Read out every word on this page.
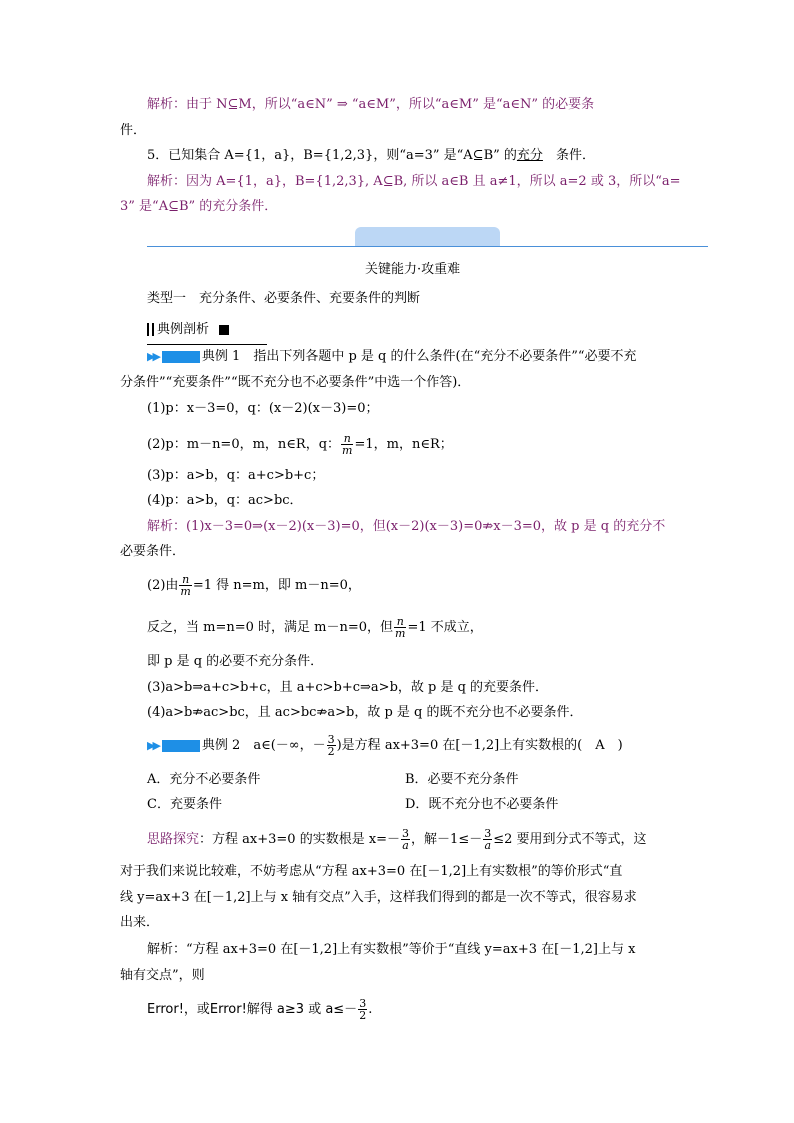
解析：由于 N⊆M，所以“a∈N” ⇒ “a∈M”，所以“a∈M” 是“a∈N” 的必要条
件．
5．已知集合 A={1，a}，B={1,2,3}，则“a=3” 是“A⊆B” 的充分　 条件．
解析：因为 A={1，a}，B={1,2,3}, A⊆B, 所以 a∈B 且 a≠1，所以 a=2 或 3，所以“a=
3” 是“A⊆B” 的充分条件．
关键能力·攻重难
类型一　充分条件、必要条件、充要条件的判断
典例剖析
▶▶	典例 1　指出下列各题中 p 是 q 的什么条件(在“充分不必要条件”“必要不充
分条件”“充要条件”“既不充分也不必要条件”中选一个作答)．
(1)p：x－3=0，q：(x－2)(x－3)=0；
(2)p：m－n=0，m，n∈R，q： $\frac{n}{m} =1$，m，n∈R；
(3)p：a>b，q：a+c>b+c；
(4)p：a>b，q：ac>bc．
解析：(1)x－3=0⇒(x－2)(x－3)=0，但(x－2)(x－3)=0⇏x－3=0，故 p 是 q 的充分不
必要条件．
(2)由 $\frac{n}{m} =1$ 得 n=m，即 m－n=0，
反之，当 m=n=0 时，满足 m－n=0，但 $\frac{n}{m} =1$ 不成立，
即 p 是 q 的必要不充分条件．
(3)a>b⇒a+c>b+c，且 a+c>b+c⇒a>b，故 p 是 q 的充要条件．
(4)a>b⇏ac>bc，且 ac>bc⇏a>b，故 p 是 q 的既不充分也不必要条件．
▶▶	典例 2　a∈(－∞，－ $\frac{3}{2}$ )是方程 ax+3=0 在[－1,2]上有实数根的(　A　)
A．充分不必要条件	B．必要不充分条件
C．充要条件	D．既不充分也不必要条件
思路探究：方程 ax+3=0 的实数根是 $x=- \frac{3}{a}$ ，解$-1\le- \frac{3}{a} \le 2$ 要用到分式不等式，这
对于我们来说比较难，不妨考虑从“方程 ax+3=0 在[－1,2]上有实数根”的等价形式“直
线 y=ax+3 在[－1,2]上与 x 轴有交点”入手，这样我们得到的都是一次不等式，很容易求
出来．
解析：“方程 ax+3=0 在[－1,2]上有实数根”等价于“直线 y=ax+3 在[－1,2]上与 x
轴有交点”，则
Error!，或Error!解得 a≥3 或 $a\le- \frac{3}{2}$ .
